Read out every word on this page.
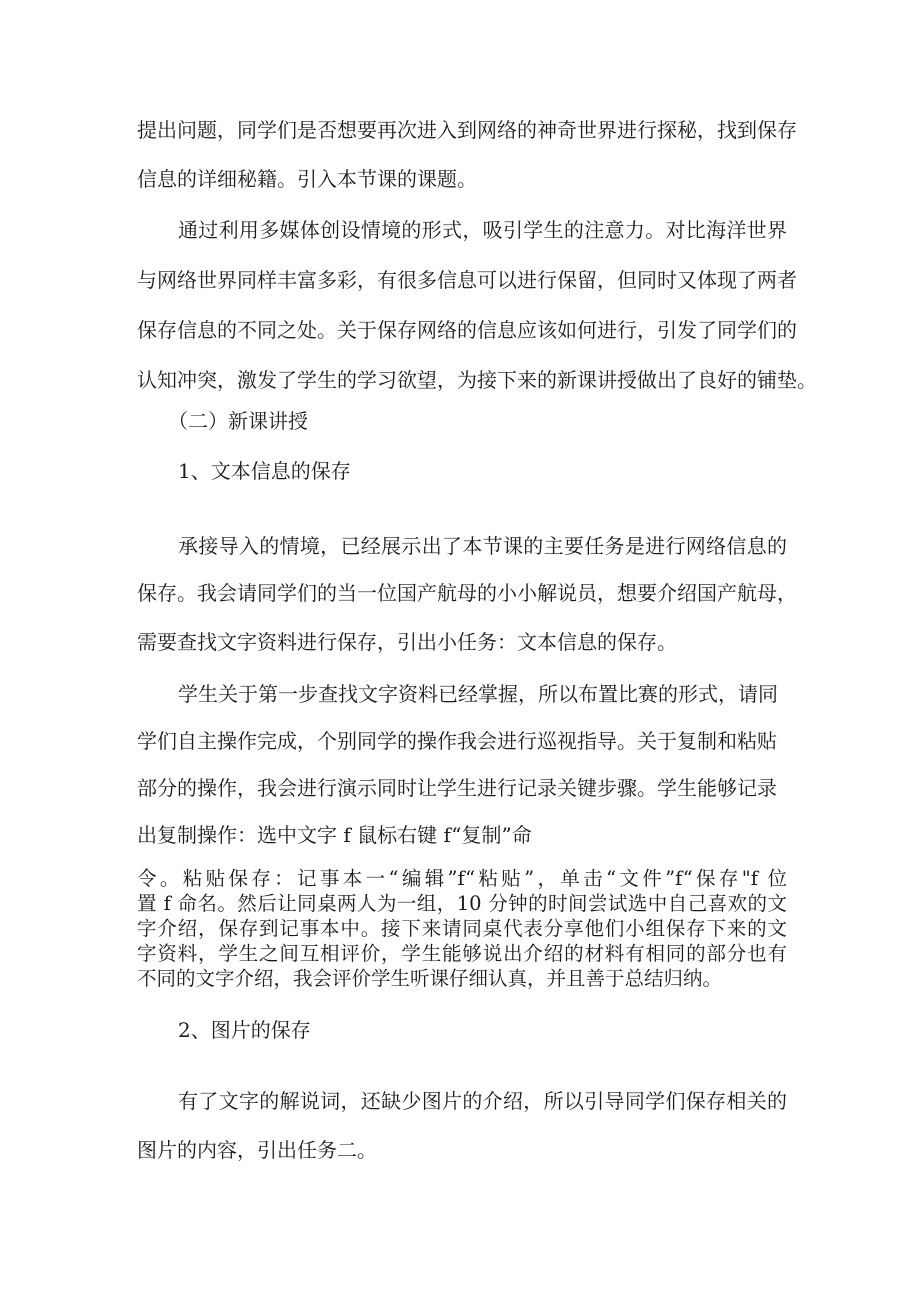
提出问题，同学们是否想要再次进入到网络的神奇世界进行探秘，找到保存

信息的详细秘籍。引入本节课的课题。

通过利用多媒体创设情境的形式，吸引学生的注意力。对比海洋世界

与网络世界同样丰富多彩，有很多信息可以进行保留，但同时又体现了两者

保存信息的不同之处。关于保存网络的信息应该如何进行，引发了同学们的

认知冲突，激发了学生的学习欲望，为接下来的新课讲授做出了良好的铺垫。

（二）新课讲授

1、文本信息的保存

承接导入的情境，已经展示出了本节课的主要任务是进行网络信息的

保存。我会请同学们的当一位国产航母的小小解说员，想要介绍国产航母，

需要查找文字资料进行保存，引出小任务：文本信息的保存。

学生关于第一步查找文字资料已经掌握，所以布置比赛的形式，请同

学们自主操作完成，个别同学的操作我会进行巡视指导。关于复制和粘贴

部分的操作，我会进行演示同时让学生进行记录关键步骤。学生能够记录

出复制操作：选中文字 f 鼠标右键 f“复制”命

令。粘贴保存：记事本一“编辑”f“粘贴”，单击“文件”f“保存"f 位

置 f 命名。然后让同桌两人为一组，10 分钟的时间尝试选中自己喜欢的文

字介绍，保存到记事本中。接下来请同桌代表分享他们小组保存下来的文

字资料，学生之间互相评价，学生能够说出介绍的材料有相同的部分也有

不同的文字介绍，我会评价学生听课仔细认真，并且善于总结归纳。

2、图片的保存

有了文字的解说词，还缺少图片的介绍，所以引导同学们保存相关的

图片的内容，引出任务二。
